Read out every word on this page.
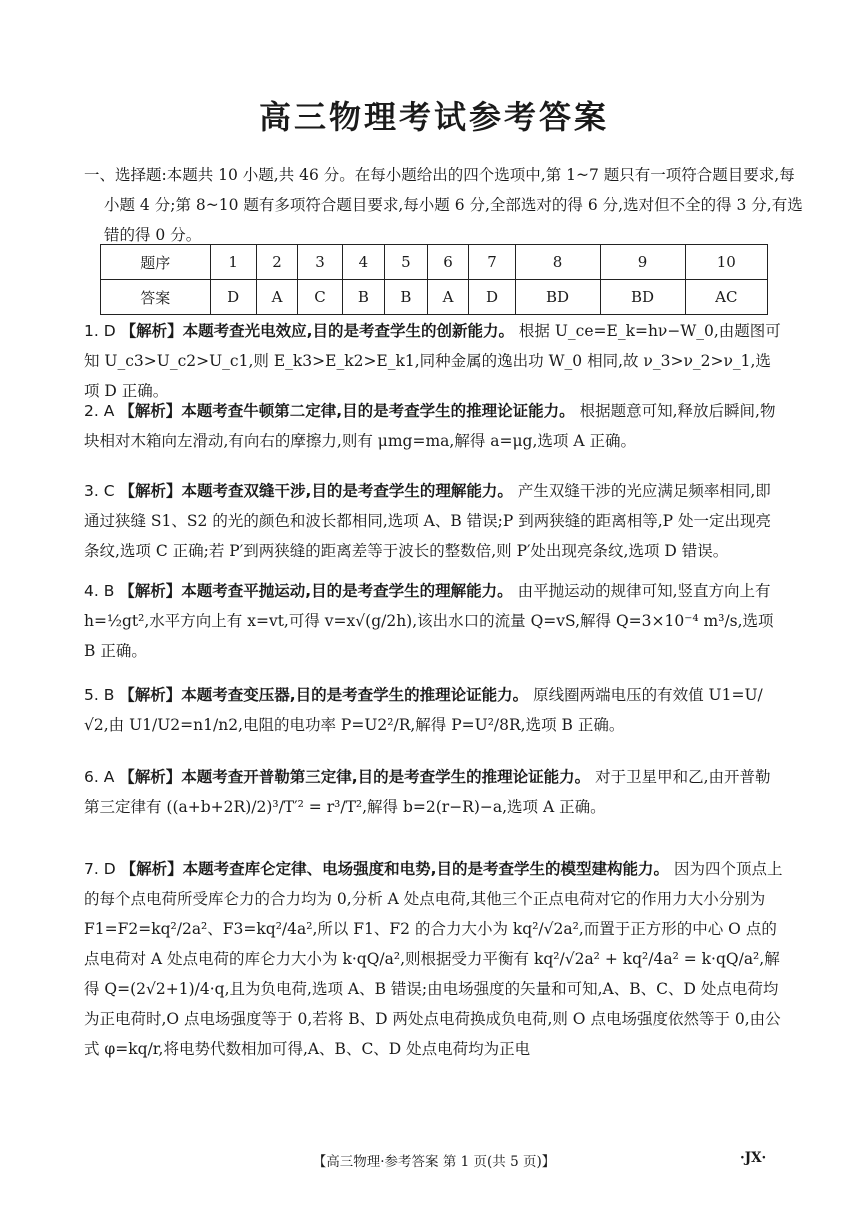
高三物理考试参考答案
一、选择题:本题共 10 小题,共 46 分。在每小题给出的四个选项中,第 1~7 题只有一项符合题目要求,每小题 4 分;第 8~10 题有多项符合题目要求,每小题 6 分,全部选对的得 6 分,选对但不全的得 3 分,有选错的得 0 分。
题序	1	2	3	4	5	6	7	8	9	10
答案	D	A	C	B	B	A	D	BD	BD	AC
1. D 【解析】本题考查光电效应,目的是考查学生的创新能力。 根据 U_ce=E_k=hν−W_0,由题图可知 U_c3>U_c2>U_c1,则 E_k3>E_k2>E_k1,同种金属的逸出功 W_0 相同,故 ν_3>ν_2>ν_1,选项 D 正确。
2. A 【解析】本题考查牛顿第二定律,目的是考查学生的推理论证能力。 根据题意可知,释放后瞬间,物块相对木箱向左滑动,有向右的摩擦力,则有 μmg=ma,解得 a=μg,选项 A 正确。
3. C 【解析】本题考查双缝干涉,目的是考查学生的理解能力。 产生双缝干涉的光应满足频率相同,即通过狭缝 S1、S2 的光的颜色和波长都相同,选项 A、B 错误;P 到两狭缝的距离相等,P 处一定出现亮条纹,选项 C 正确;若 P′到两狭缝的距离差等于波长的整数倍,则 P′处出现亮条纹,选项 D 错误。
4. B 【解析】本题考查平抛运动,目的是考查学生的理解能力。 由平抛运动的规律可知,竖直方向上有 h=½gt²,水平方向上有 x=vt,可得 v=x√(g/2h),该出水口的流量 Q=vS,解得 Q=3×10⁻⁴ m³/s,选项 B 正确。
5. B 【解析】本题考查变压器,目的是考查学生的推理论证能力。 原线圈两端电压的有效值 U1=U/√2,由 U1/U2=n1/n2,电阻的电功率 P=U2²/R,解得 P=U²/8R,选项 B 正确。
6. A 【解析】本题考查开普勒第三定律,目的是考查学生的推理论证能力。 对于卫星甲和乙,由开普勒第三定律有 ((a+b+2R)/2)³/T′² = r³/T²,解得 b=2(r−R)−a,选项 A 正确。
7. D 【解析】本题考查库仑定律、电场强度和电势,目的是考查学生的模型建构能力。 因为四个顶点上的每个点电荷所受库仑力的合力均为 0,分析 A 处点电荷,其他三个正点电荷对它的作用力大小分别为 F1=F2=kq²/2a²、F3=kq²/4a²,所以 F1、F2 的合力大小为 kq²/√2a²,而置于正方形的中心 O 点的点电荷对 A 处点电荷的库仑力大小为 k·qQ/a²,则根据受力平衡有 kq²/√2a² + kq²/4a² = k·qQ/a²,解得 Q=(2√2+1)/4·q,且为负电荷,选项 A、B 错误;由电场强度的矢量和可知,A、B、C、D 处点电荷均为正电荷时,O 点电场强度等于 0,若将 B、D 两处点电荷换成负电荷,则 O 点电场强度依然等于 0,由公式 φ=kq/r,将电势代数相加可得,A、B、C、D 处点电荷均为正电
【高三物理·参考答案 第 1 页(共 5 页)】	·JX·
